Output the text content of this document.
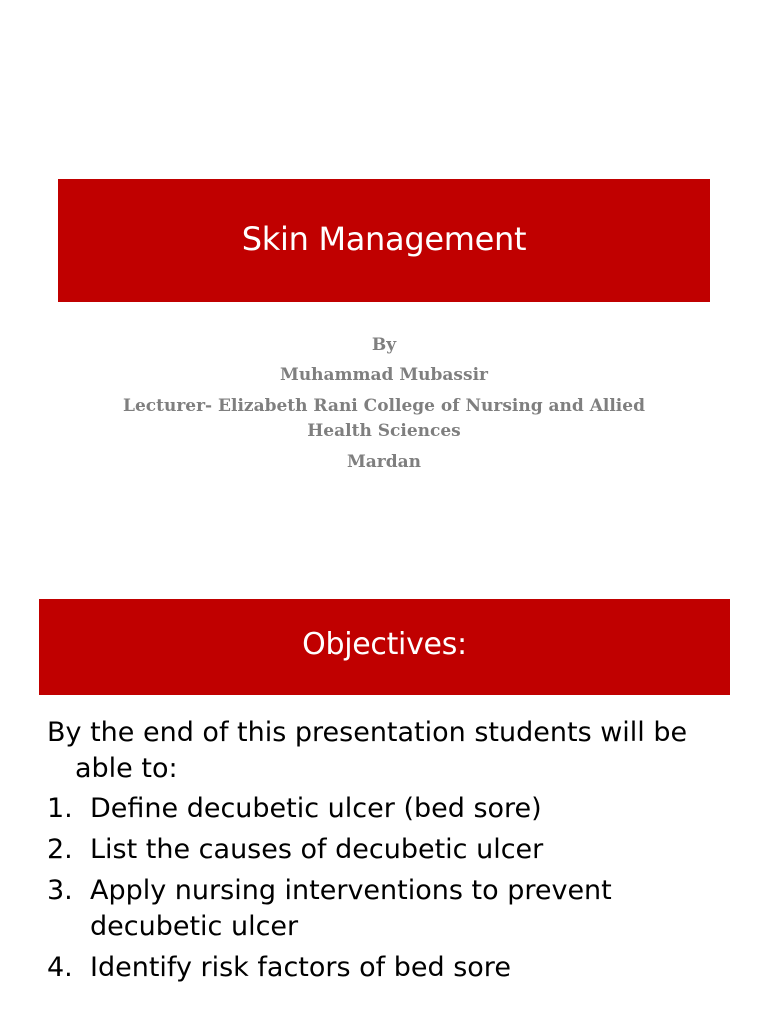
Skin Management
By
Muhammad Mubassir
Lecturer- Elizabeth Rani College of Nursing and Allied Health Sciences
Mardan
Objectives:
By the end of this presentation students will be able to:
1. Define decubetic ulcer (bed sore)
2. List the causes of decubetic ulcer
3. Apply nursing interventions to prevent decubetic ulcer
4. Identify risk factors of bed sore
